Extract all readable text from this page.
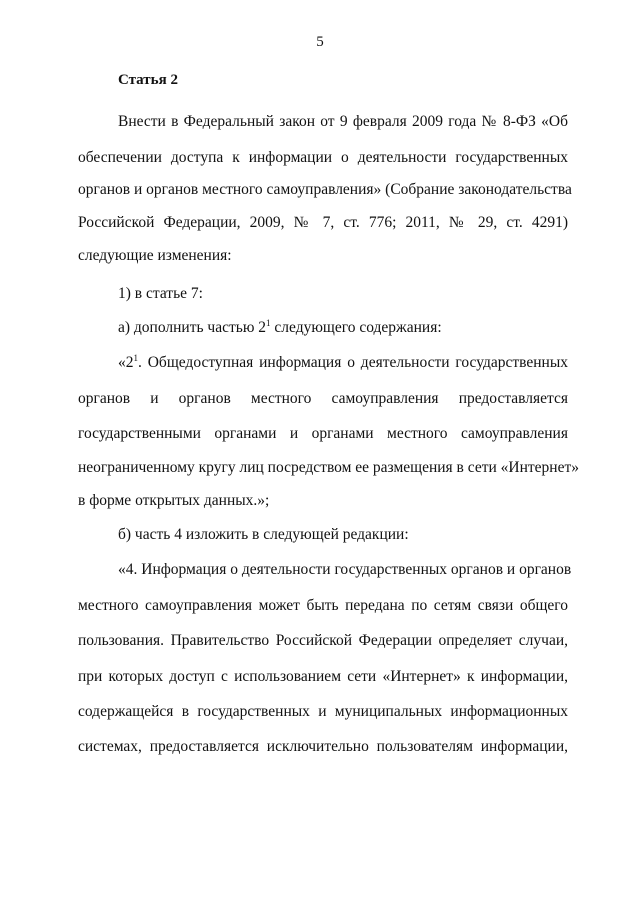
5
Статья 2
Внести в Федеральный закон от 9 февраля 2009 года № 8-ФЗ «Об
обеспечении доступа к информации о деятельности государственных
органов и органов местного самоуправления» (Собрание законодательства
Российской Федерации, 2009, № 7, ст. 776; 2011, № 29, ст. 4291)
следующие изменения:
1) в статье 7:
а) дополнить частью $2^1$ следующего содержания:
«$2^1$. Общедоступная информация о деятельности государственных
органов и органов местного самоуправления предоставляется
государственными органами и органами местного самоуправления
неограниченному кругу лиц посредством ее размещения в сети «Интернет»
в форме открытых данных.»;
б) часть 4 изложить в следующей редакции:
«4. Информация о деятельности государственных органов и органов
местного самоуправления может быть передана по сетям связи общего
пользования. Правительство Российской Федерации определяет случаи,
при которых доступ с использованием сети «Интернет» к информации,
содержащейся в государственных и муниципальных информационных
системах, предоставляется исключительно пользователям информации,
